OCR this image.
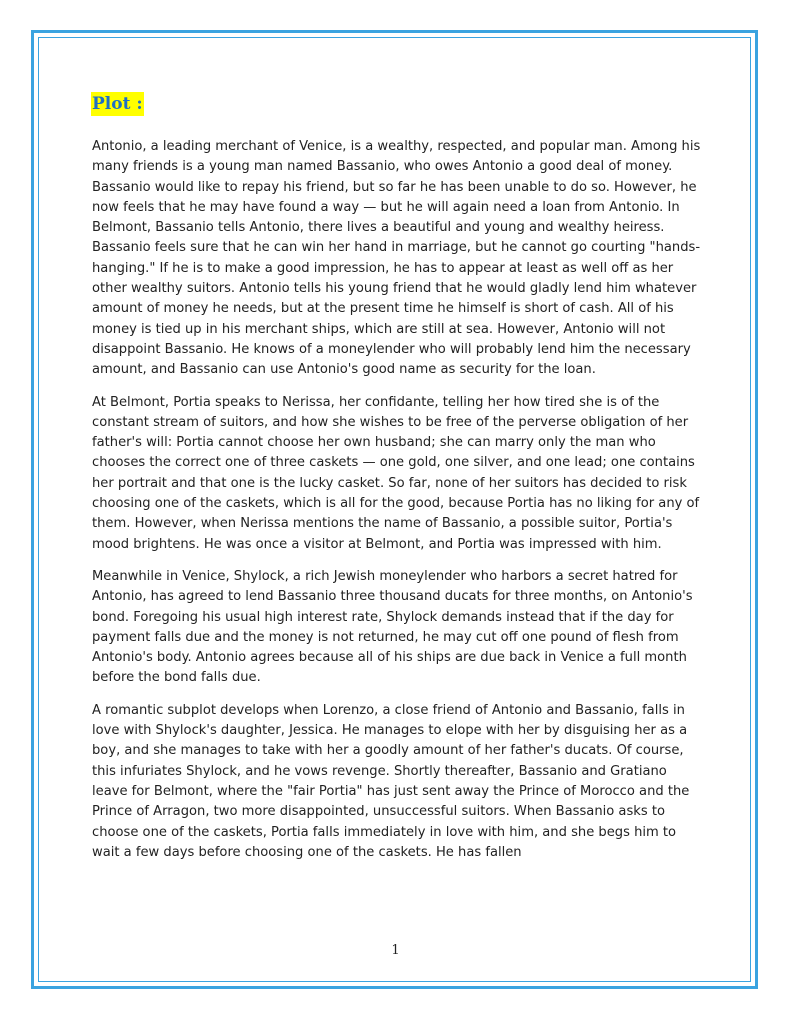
Plot :

Antonio, a leading merchant of Venice, is a wealthy, respected, and popular man. Among his many friends is a young man named Bassanio, who owes Antonio a good deal of money. Bassanio would like to repay his friend, but so far he has been unable to do so. However, he now feels that he may have found a way — but he will again need a loan from Antonio. In Belmont, Bassanio tells Antonio, there lives a beautiful and young and wealthy heiress. Bassanio feels sure that he can win her hand in marriage, but he cannot go courting "hands-hanging." If he is to make a good impression, he has to appear at least as well off as her other wealthy suitors. Antonio tells his young friend that he would gladly lend him whatever amount of money he needs, but at the present time he himself is short of cash. All of his money is tied up in his merchant ships, which are still at sea. However, Antonio will not disappoint Bassanio. He knows of a moneylender who will probably lend him the necessary amount, and Bassanio can use Antonio's good name as security for the loan.

At Belmont, Portia speaks to Nerissa, her confidante, telling her how tired she is of the constant stream of suitors, and how she wishes to be free of the perverse obligation of her father's will: Portia cannot choose her own husband; she can marry only the man who chooses the correct one of three caskets — one gold, one silver, and one lead; one contains her portrait and that one is the lucky casket. So far, none of her suitors has decided to risk choosing one of the caskets, which is all for the good, because Portia has no liking for any of them. However, when Nerissa mentions the name of Bassanio, a possible suitor, Portia's mood brightens. He was once a visitor at Belmont, and Portia was impressed with him.

Meanwhile in Venice, Shylock, a rich Jewish moneylender who harbors a secret hatred for Antonio, has agreed to lend Bassanio three thousand ducats for three months, on Antonio's bond. Foregoing his usual high interest rate, Shylock demands instead that if the day for payment falls due and the money is not returned, he may cut off one pound of flesh from Antonio's body. Antonio agrees because all of his ships are due back in Venice a full month before the bond falls due.

A romantic subplot develops when Lorenzo, a close friend of Antonio and Bassanio, falls in love with Shylock's daughter, Jessica. He manages to elope with her by disguising her as a boy, and she manages to take with her a goodly amount of her father's ducats. Of course, this infuriates Shylock, and he vows revenge. Shortly thereafter, Bassanio and Gratiano leave for Belmont, where the "fair Portia" has just sent away the Prince of Morocco and the Prince of Arragon, two more disappointed, unsuccessful suitors. When Bassanio asks to choose one of the caskets, Portia falls immediately in love with him, and she begs him to wait a few days before choosing one of the caskets. He has fallen

1
